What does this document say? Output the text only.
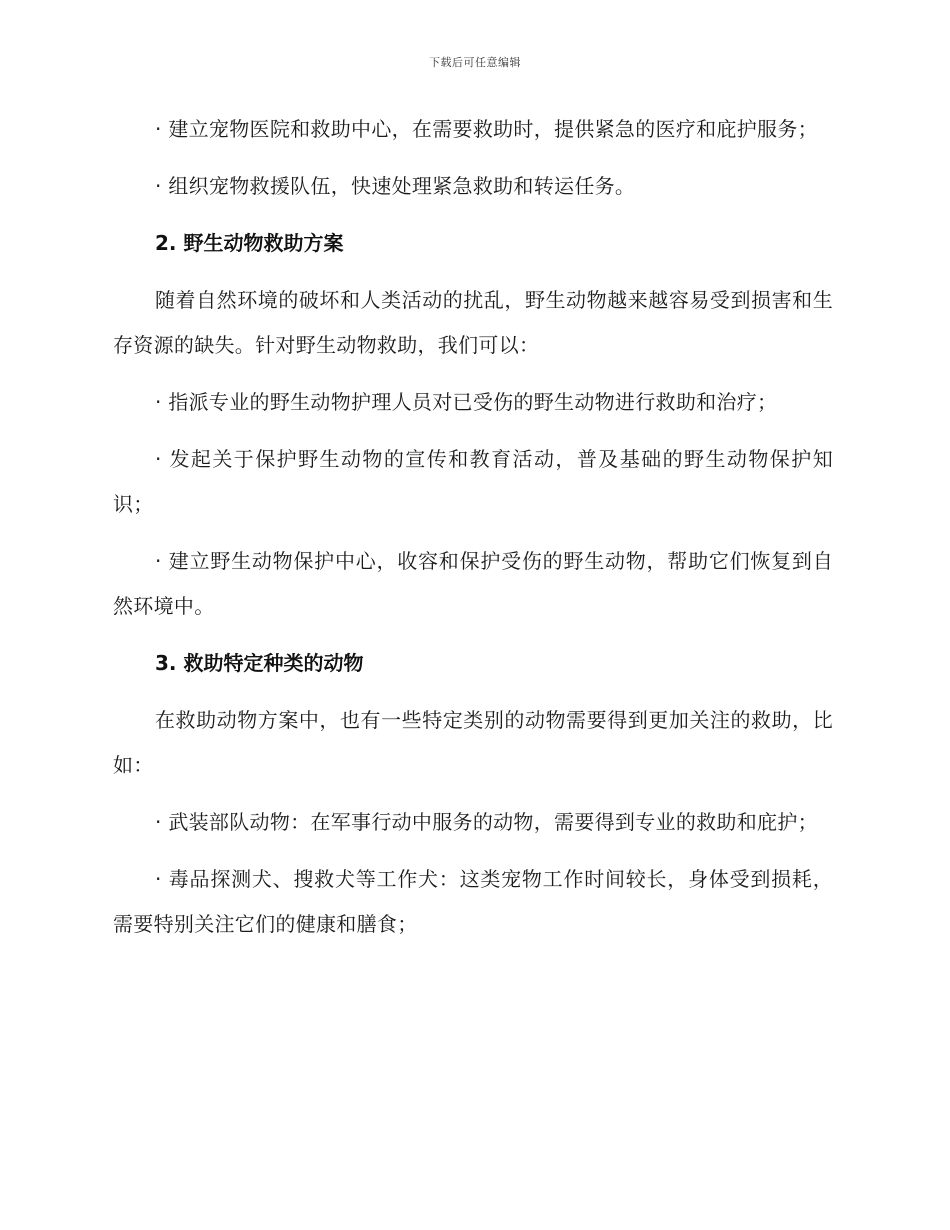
下载后可任意编辑

· 建立宠物医院和救助中心，在需要救助时，提供紧急的医疗和庇护服务；

· 组织宠物救援队伍，快速处理紧急救助和转运任务。

2. 野生动物救助方案

随着自然环境的破坏和人类活动的扰乱，野生动物越来越容易受到损害和生存资源的缺失。针对野生动物救助，我们可以：

· 指派专业的野生动物护理人员对已受伤的野生动物进行救助和治疗；

· 发起关于保护野生动物的宣传和教育活动，普及基础的野生动物保护知识；

· 建立野生动物保护中心，收容和保护受伤的野生动物，帮助它们恢复到自然环境中。

3. 救助特定种类的动物

在救助动物方案中，也有一些特定类别的动物需要得到更加关注的救助，比如：

· 武装部队动物：在军事行动中服务的动物，需要得到专业的救助和庇护；

· 毒品探测犬、搜救犬等工作犬：这类宠物工作时间较长，身体受到损耗，需要特别关注它们的健康和膳食；
